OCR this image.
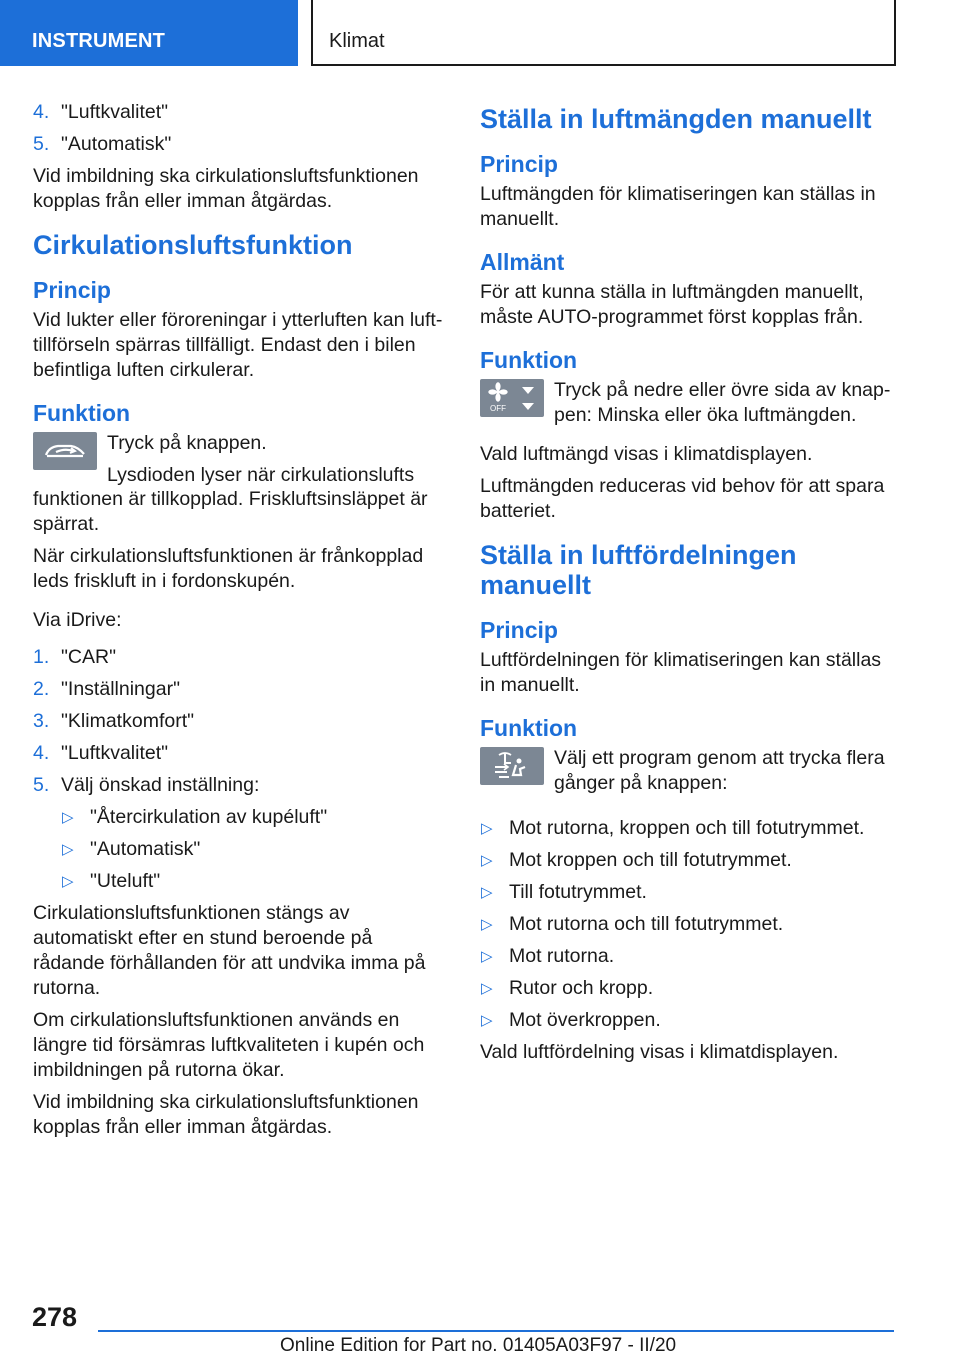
INSTRUMENT	Klimat
4. "Luftkvalitet"
5. "Automatisk"

Vid imbildning ska cirkulationsluftsfunktionen kopplas från eller imman åtgärdas.

Cirkulationsluftsfunktion
Princip

Vid lukter eller föroreningar i ytterluften kan lufttillförseln spärras tillfälligt. Endast den i bilen befintliga luften cirkulerar.

Funktion

Tryck på knappen.

Lysdioden lyser när cirkulationslufts

funktionen är tillkopplad. Friskluftsinsläppet är spärrat.

När cirkulationsluftsfunktionen är frånkopplad leds friskluft in i fordonskupén.

Via iDrive:

1. "CAR"
2. "Inställningar"
3. "Klimatkomfort"
4. "Luftkvalitet"
5. Välj önskad inställning:
▷ "Återcirkulation av kupéluft"
▷ "Automatisk"
▷ "Uteluft"

Cirkulationsluftsfunktionen stängs av automatiskt efter en stund beroende på rådande förhållanden för att undvika imma på rutorna.

Om cirkulationsluftsfunktionen används en längre tid försämras luftkvaliteten i kupén och imbildningen på rutorna ökar.

Vid imbildning ska cirkulationsluftsfunktionen kopplas från eller imman åtgärdas.

Ställa in luftmängden manuellt
Princip

Luftmängden för klimatiseringen kan ställas in manuellt.

Allmänt

För att kunna ställa in luftmängden manuellt, måste AUTO-programmet först kopplas från.

Funktion
OFF

Tryck på nedre eller övre sida av knappen: Minska eller öka luftmängden.

Vald luftmängd visas i klimatdisplayen.

Luftmängden reduceras vid behov för att spara batteriet.

Ställa in luftfördelningen manuellt
Princip

Luftfördelningen för klimatiseringen kan ställas in manuellt.

Funktion

Välj ett program genom att trycka flera gånger på knappen:

▷ Mot rutorna, kroppen och till fotutrymmet.
▷ Mot kroppen och till fotutrymmet.
▷ Till fotutrymmet.
▷ Mot rutorna och till fotutrymmet.
▷ Mot rutorna.
▷ Rutor och kropp.
▷ Mot överkroppen.

Vald luftfördelning visas i klimatdisplayen.

278
Online Edition for Part no. 01405A03F97 - II/20
